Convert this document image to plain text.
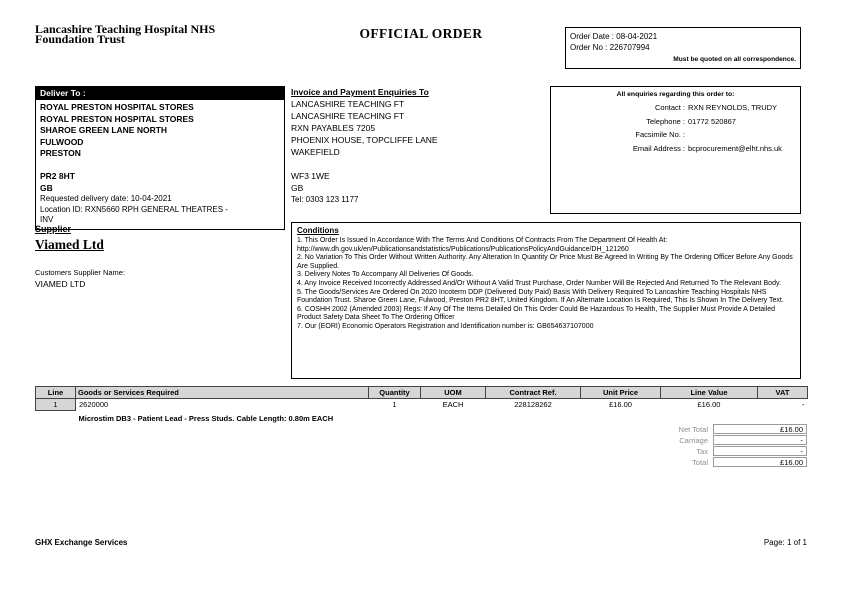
Lancashire Teaching Hospital NHS
Foundation Trust	OFFICIAL ORDER	Order Date : 08-04-2021
Order No : 226707994
Must be quoted on all correspondence.
Deliver To :
ROYAL PRESTON HOSPITAL STORES
ROYAL PRESTON HOSPITAL STORES
SHAROE GREEN LANE NORTH
FULWOOD
PRESTON
PR2 8HT
GB
Requested delivery date: 10-04-2021
Location ID: RXN5660 RPH GENERAL THEATRES - INV
Invoice and Payment Enquiries To
LANCASHIRE TEACHING FT
LANCASHIRE TEACHING FT
RXN PAYABLES 7205
PHOENIX HOUSE, TOPCLIFFE LANE
WAKEFIELD
WF3 1WE
GB
Tel: 0303 123 1177
All enquiries regarding this order to:
Contact : RXN REYNOLDS, TRUDY
Telephone : 01772 520867
Facsimile No. :
Email Address : bcprocurement@elht.nhs.uk
Supplier
Viamed Ltd
Customers Supplier Name:
VIAMED LTD
Conditions
1. This Order Is Issued In Accordance With The Terms And Conditions Of Contracts From The Department Of Health At: http://www.dh.gov.uk/en/Publicationsandstatistics/Publications/PublicationsPolicyAndGuidance/DH_121260
2. No Variation To This Order Without Written Authority. Any Alteration In Quantity Or Price Must Be Agreed In Writing By The Ordering Officer Before Any Goods Are Supplied.
3. Delivery Notes To Accompany All Deliveries Of Goods.
4. Any Invoice Received Incorrectly Addressed And/Or Without A Valid Trust Purchase, Order Number Will Be Rejected And Returned To The Relevant Body.
5. The Goods/Services Are Ordered On 2020 Incoterm DDP (Delivered Duty Paid) Basis With Delivery Required To Lancashire Teaching Hospitals NHS Foundation Trust. Sharoe Green Lane, Fulwood, Preston PR2 8HT, United Kingdom. If An Alternate Location Is Required, This Is Shown In The Delivery Text.
6. COSHH 2002 (Amended 2003) Regs: If Any Of The Items Detailed On This Order Could Be Hazardous To Health, The Supplier Must Provide A Detailed Product Safety Data Sheet To The Ordering Officer
7. Our (EORI) Economic Operators Registration and Identification number is: GB654637107000
Line	Goods or Services Required	Quantity	UOM	Contract Ref.	Unit Price	Line Value	VAT
1	2620000	1	EACH	228128262	£16.00	£16.00	-
	Microstim DB3 - Patient Lead - Press Studs. Cable Length: 0.80m EACH						
Net Total	£16.00
Carriage	-
Tax	-
Total	£16.00
GHX Exchange Services	Page: 1 of 1
